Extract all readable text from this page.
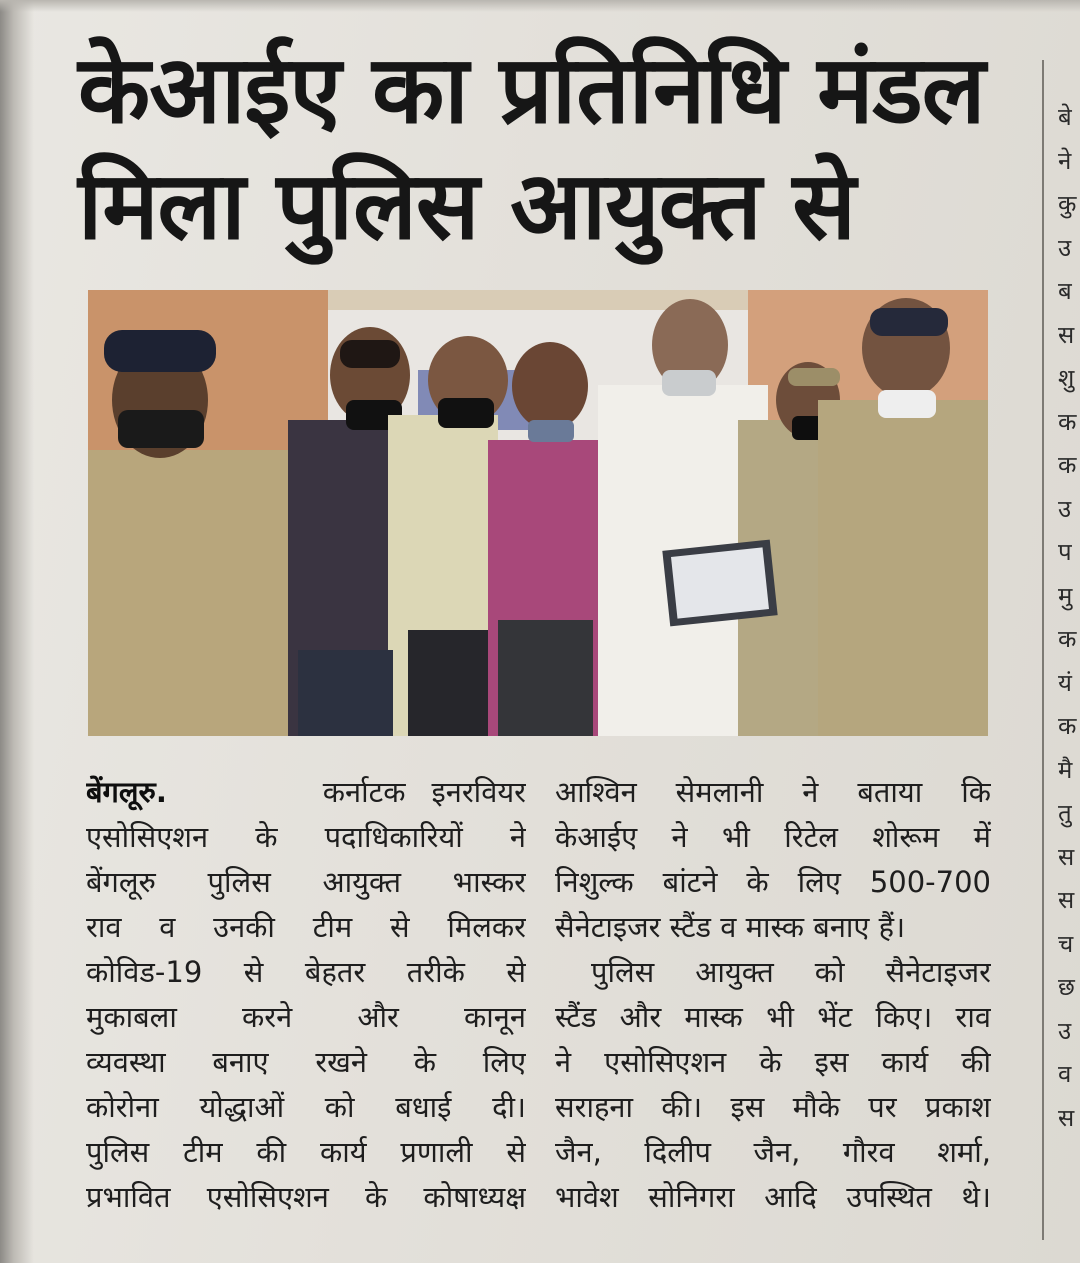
केआईए का प्रतिनिधि मंडल
मिला पुलिस आयुक्त से
बेंगलूरु.	कर्नाटक इनरवियर
एसोसिएशन के पदाधिकारियों ने
बेंगलूरु पुलिस आयुक्त भास्कर
राव व उनकी टीम से मिलकर
कोविड-19 से बेहतर तरीके से
मुकाबला करने और कानून
व्यवस्था बनाए रखने के लिए
कोरोना योद्धाओं को बधाई दी।
पुलिस टीम की कार्य प्रणाली से
प्रभावित एसोसिएशन के कोषाध्यक्ष
आश्विन सेमलानी ने बताया कि
केआईए ने भी रिटेल शोरूम में
निशुल्क बांटने के लिए 500-700
सैनेटाइजर स्टैंड व मास्क बनाए हैं।
पुलिस आयुक्त को सैनेटाइजर
स्टैंड और मास्क भी भेंट किए। राव
ने एसोसिएशन के इस कार्य की
सराहना की। इस मौके पर प्रकाश
जैन, दिलीप जैन, गौरव शर्मा,
भावेश सोनिगरा आदि उपस्थित थे।
बे
ने
कु
उ
ब
स
शु
क
क
उ
प
मु
क
यं
क
मै
तु
स
स
च
छ
उ
व
स
